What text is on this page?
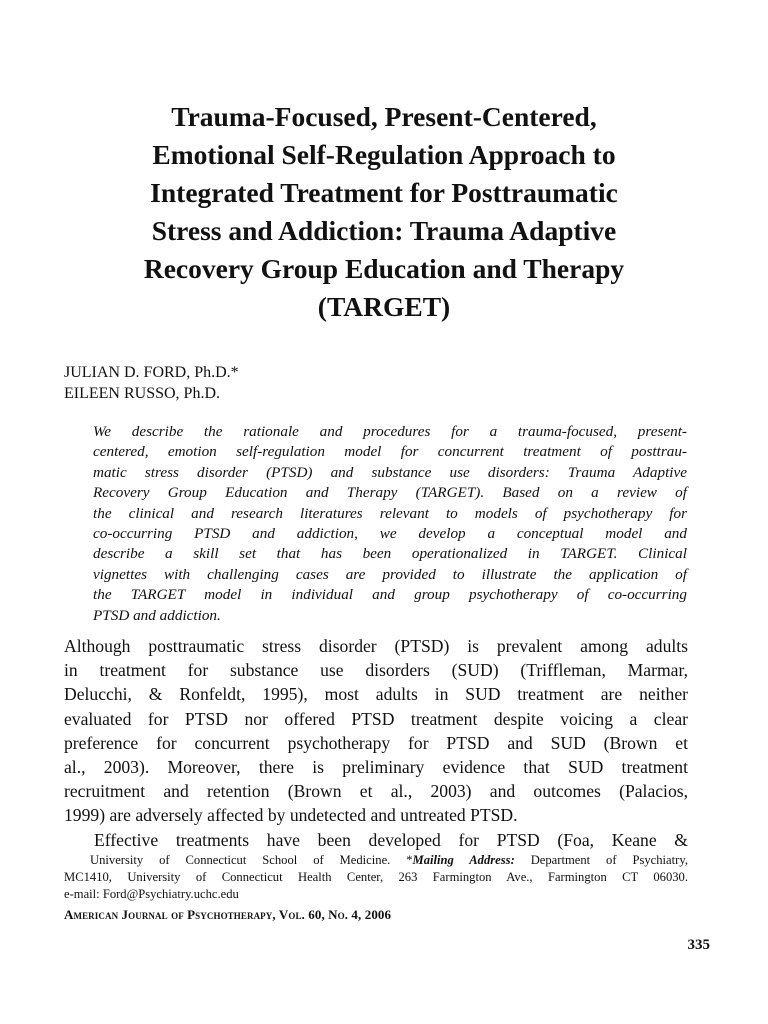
Trauma-Focused, Present-Centered,
Emotional Self-Regulation Approach to
Integrated Treatment for Posttraumatic
Stress and Addiction: Trauma Adaptive
Recovery Group Education and Therapy
(TARGET)
JULIAN D. FORD, Ph.D.*
EILEEN RUSSO, Ph.D.
We describe the rationale and procedures for a trauma-focused, present-
centered, emotion self-regulation model for concurrent treatment of posttrau-
matic stress disorder (PTSD) and substance use disorders: Trauma Adaptive
Recovery Group Education and Therapy (TARGET). Based on a review of
the clinical and research literatures relevant to models of psychotherapy for
co-occurring PTSD and addiction, we develop a conceptual model and
describe a skill set that has been operationalized in TARGET. Clinical
vignettes with challenging cases are provided to illustrate the application of
the TARGET model in individual and group psychotherapy of co-occurring
PTSD and addiction.
Although posttraumatic stress disorder (PTSD) is prevalent among adults
in treatment for substance use disorders (SUD) (Triffleman, Marmar,
Delucchi, & Ronfeldt, 1995), most adults in SUD treatment are neither
evaluated for PTSD nor offered PTSD treatment despite voicing a clear
preference for concurrent psychotherapy for PTSD and SUD (Brown et
al., 2003). Moreover, there is preliminary evidence that SUD treatment
recruitment and retention (Brown et al., 2003) and outcomes (Palacios,
1999) are adversely affected by undetected and untreated PTSD.
Effective treatments have been developed for PTSD (Foa, Keane &
University of Connecticut School of Medicine. *Mailing Address: Department of Psychiatry,
MC1410, University of Connecticut Health Center, 263 Farmington Ave., Farmington CT 06030.
e-mail: Ford@Psychiatry.uchc.edu
American Journal of Psychotherapy, Vol. 60, No. 4, 2006
335
